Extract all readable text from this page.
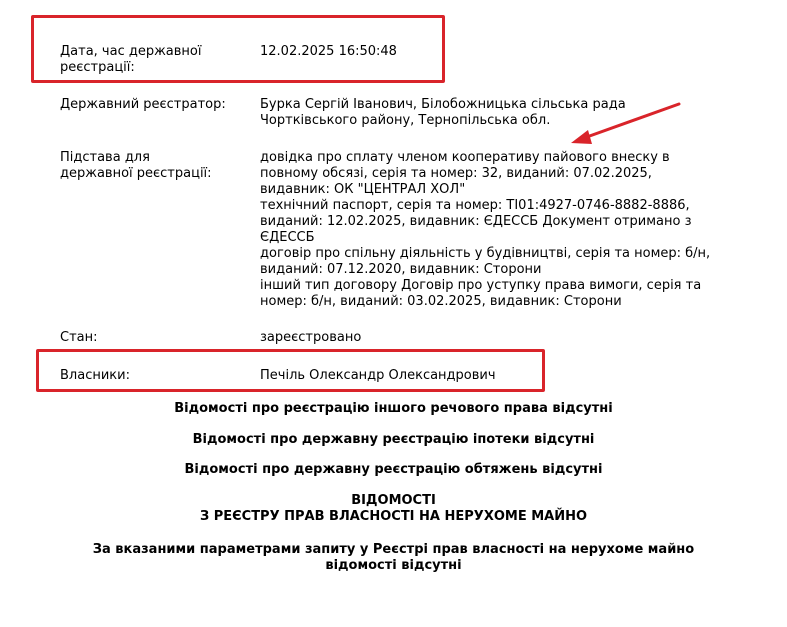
Дата, час державної
реєстрації:
12.02.2025 16:50:48
Державний реєстратор:	Бурка Сергій Іванович, Білобожницька сільська рада
Чортківського району, Тернопільська обл.
Підстава для
державної реєстрації:
довідка про сплату членом кооперативу пайового внеску в
повному обсязі, серія та номер: 32, виданий: 07.02.2025,
видавник: ОК "ЦЕНТРАЛ ХОЛ"
технічний паспорт, серія та номер: ТІ01:4927-0746-8882-8886,
виданий: 12.02.2025, видавник: ЄДЕССБ Документ отримано з
ЄДЕССБ
договір про спільну діяльність у будівництві, серія та номер: б/н,
виданий: 07.12.2020, видавник: Сторони
інший тип договору Договір про уступку права вимоги, серія та
номер: б/н, виданий: 03.02.2025, видавник: Сторони
Стан:	зареєстровано
Власники:	Печіль Олександр Олександрович
Відомості про реєстрацію іншого речового права відсутні
Відомості про державну реєстрацію іпотеки відсутні
Відомості про державну реєстрацію обтяжень відсутні
ВІДОМОСТІ
З РЕЄСТРУ ПРАВ ВЛАСНОСТІ НА НЕРУХОМЕ МАЙНО
За вказаними параметрами запиту у Реєстрі прав власності на нерухоме майно
відомості відсутні
